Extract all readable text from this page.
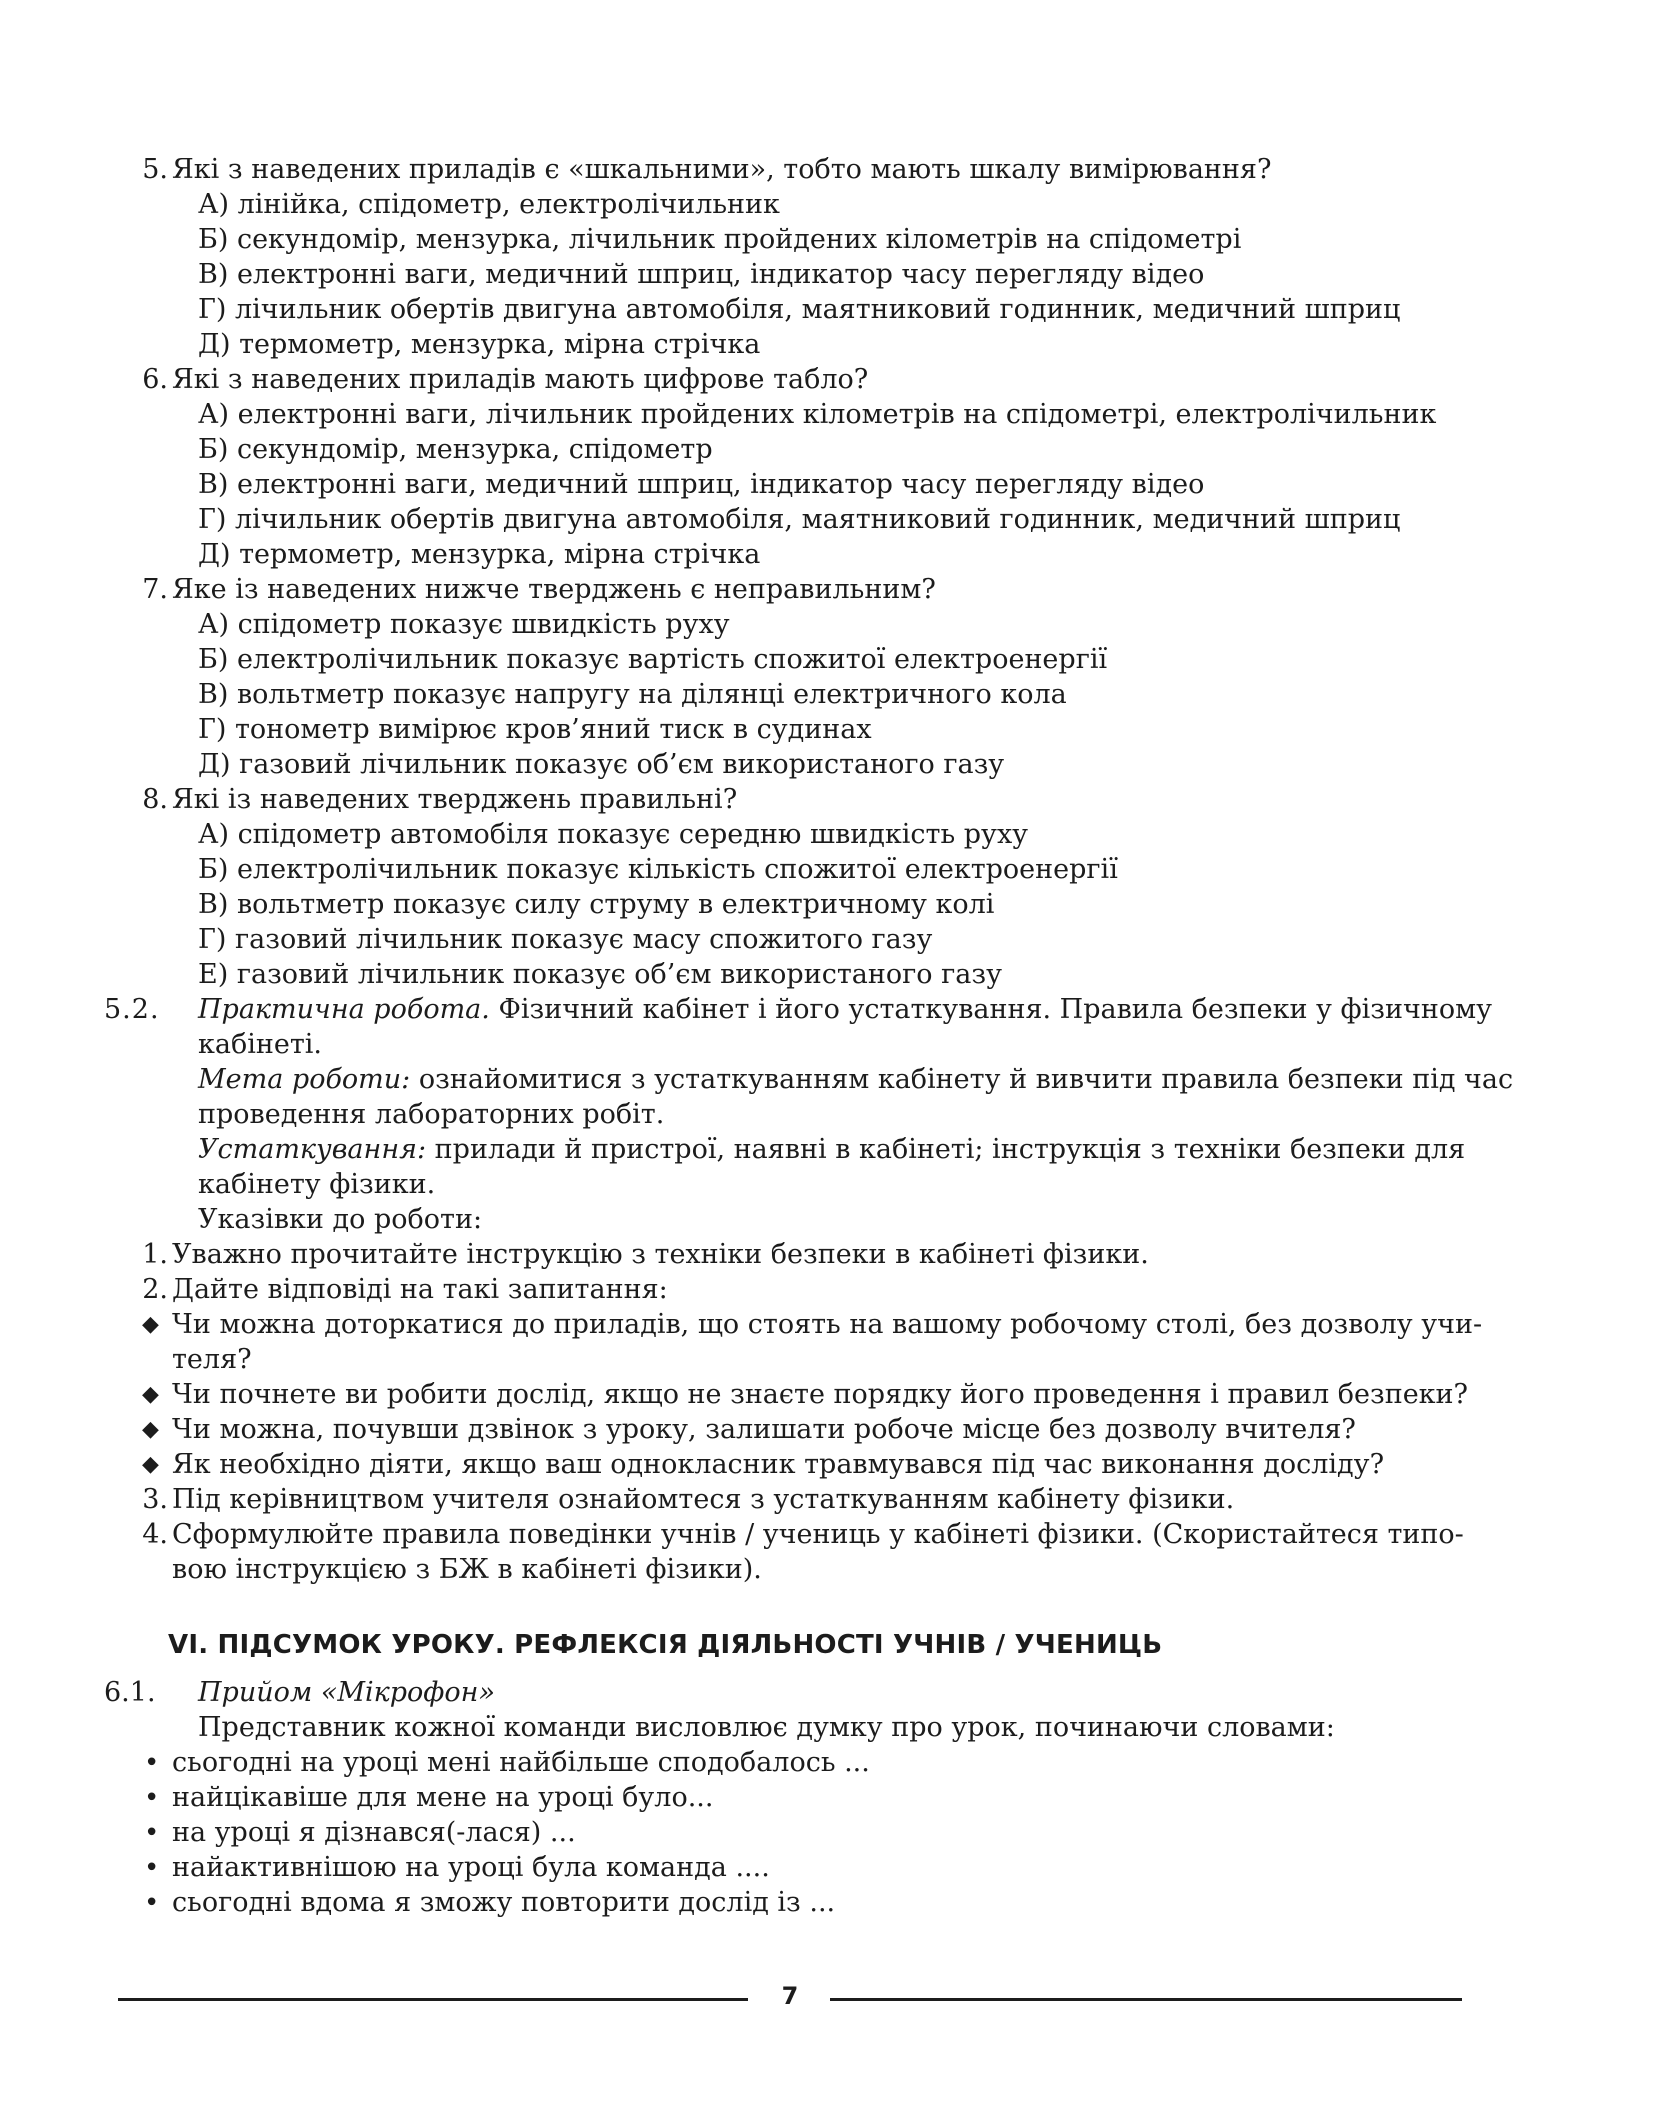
5. Які з наведених приладів є «шкальними», тобто мають шкалу вимірювання?
А) лінійка, спідометр, електролічильник
Б) секундомір, мензурка, лічильник пройдених кілометрів на спідометрі
В) електронні ваги, медичний шприц, індикатор часу перегляду відео
Г) лічильник обертів двигуна автомобіля, маятниковий годинник, медичний шприц
Д) термометр, мензурка, мірна стрічка
6. Які з наведених приладів мають цифрове табло?
А) електронні ваги, лічильник пройдених кілометрів на спідометрі, електролічильник
Б) секундомір, мензурка, спідометр
В) електронні ваги, медичний шприц, індикатор часу перегляду відео
Г) лічильник обертів двигуна автомобіля, маятниковий годинник, медичний шприц
Д) термометр, мензурка, мірна стрічка
7. Яке із наведених нижче тверджень є неправильним?
А) спідометр показує швидкість руху
Б) електролічильник показує вартість спожитої електроенергії
В) вольтметр показує напругу на ділянці електричного кола
Г) тонометр вимірює кров’яний тиск в судинах
Д) газовий лічильник показує об’єм використаного газу
8. Які із наведених тверджень правильні?
А) спідометр автомобіля показує середню швидкість руху
Б) електролічильник показує кількість спожитої електроенергії
В) вольтметр показує силу струму в електричному колі
Г) газовий лічильник показує масу спожитого газу
Е) газовий лічильник показує об’єм використаного газу
5.2. Практична робота. Фізичний кабінет і його устаткування. Правила безпеки у фізичному
кабінеті.
Мета роботи: ознайомитися з устаткуванням кабінету й вивчити правила безпеки під час
проведення лабораторних робіт.
Устаткування: прилади й пристрої, наявні в кабінеті; інструкція з техніки безпеки для
кабінету фізики.
Указівки до роботи:
1. Уважно прочитайте інструкцію з техніки безпеки в кабінеті фізики.
2. Дайте відповіді на такі запитання:
◆ Чи можна доторкатися до приладів, що стоять на вашому робочому столі, без дозволу учи-
теля?
◆ Чи почнете ви робити дослід, якщо не знаєте порядку його проведення і правил безпеки?
◆ Чи можна, почувши дзвінок з уроку, залишати робоче місце без дозволу вчителя?
◆ Як необхідно діяти, якщо ваш однокласник травмувався під час виконання досліду?
3. Під керівництвом учителя ознайомтеся з устаткуванням кабінету фізики.
4. Сформулюйте правила поведінки учнів / учениць у кабінеті фізики. (Скористайтеся типо-
вою інструкцією з БЖ в кабінеті фізики).
VI. ПІДСУМОК УРОКУ. РЕФЛЕКСІЯ ДІЯЛЬНОСТІ УЧНІВ / УЧЕНИЦЬ
6.1. Прийом «Мікрофон»
Представник кожної команди висловлює думку про урок, починаючи словами:
• сьогодні на уроці мені найбільше сподобалось ...
• найцікавіше для мене на уроці було...
• на уроці я дізнався(-лася) ...
• найактивнішою на уроці була команда ....
• сьогодні вдома я зможу повторити дослід із ...
7
